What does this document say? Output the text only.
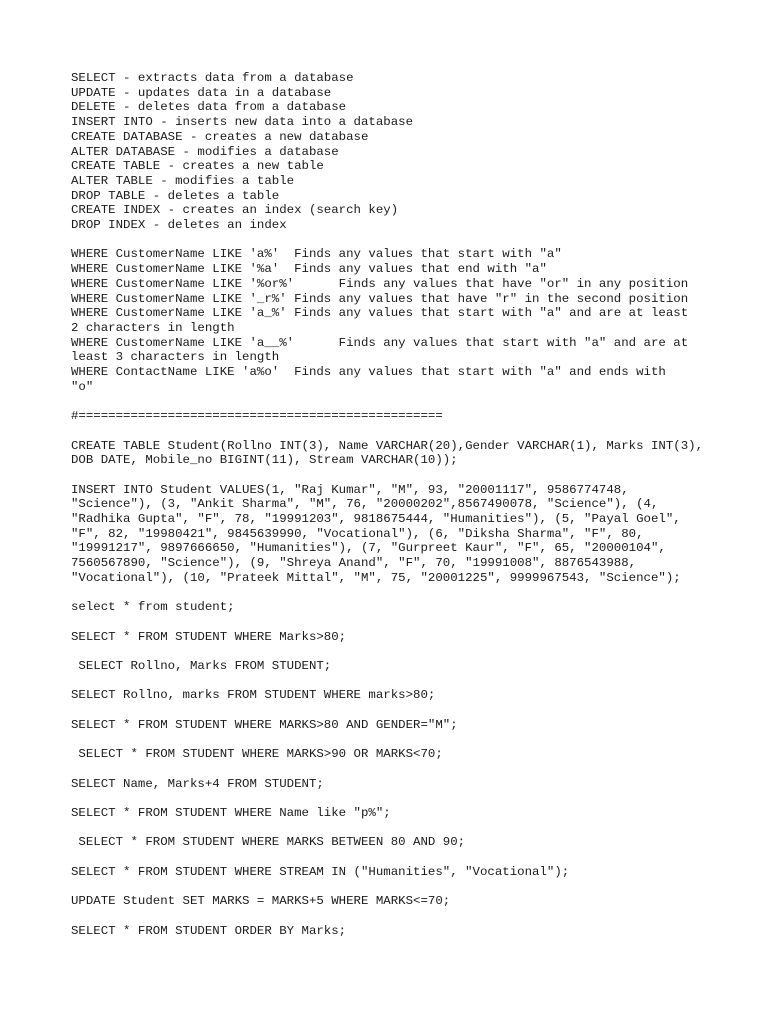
SELECT - extracts data from a database
UPDATE - updates data in a database
DELETE - deletes data from a database
INSERT INTO - inserts new data into a database
CREATE DATABASE - creates a new database
ALTER DATABASE - modifies a database
CREATE TABLE - creates a new table
ALTER TABLE - modifies a table
DROP TABLE - deletes a table
CREATE INDEX - creates an index (search key)
DROP INDEX - deletes an index
WHERE CustomerName LIKE 'a%'  Finds any values that start with "a"
WHERE CustomerName LIKE '%a'  Finds any values that end with "a"
WHERE CustomerName LIKE '%or%'      Finds any values that have "or" in any position
WHERE CustomerName LIKE '_r%' Finds any values that have "r" in the second position
WHERE CustomerName LIKE 'a_%' Finds any values that start with "a" and are at least
2 characters in length
WHERE CustomerName LIKE 'a__%'      Finds any values that start with "a" and are at
least 3 characters in length
WHERE ContactName LIKE 'a%o'  Finds any values that start with "a" and ends with
"o"
#=================================================
CREATE TABLE Student(Rollno INT(3), Name VARCHAR(20),Gender VARCHAR(1), Marks INT(3), DOB DATE, Mobile_no BIGINT(11), Stream VARCHAR(10));
INSERT INTO Student VALUES(1, "Raj Kumar", "M", 93, "20001117", 9586774748, "Science"), (3, "Ankit Sharma", "M", 76, "20000202",8567490078, "Science"), (4, "Radhika Gupta", "F", 78, "19991203", 9818675444, "Humanities"), (5, "Payal Goel", "F", 82, "19980421", 9845639990, "Vocational"), (6, "Diksha Sharma", "F", 80, "19991217", 9897666650, "Humanities"), (7, "Gurpreet Kaur", "F", 65, "20000104", 7560567890, "Science"), (9, "Shreya Anand", "F", 70, "19991008", 8876543988, "Vocational"), (10, "Prateek Mittal", "M", 75, "20001225", 9999967543, "Science");
select * from student;
SELECT * FROM STUDENT WHERE Marks>80;
SELECT Rollno, Marks FROM STUDENT;
SELECT Rollno, marks FROM STUDENT WHERE marks>80;
SELECT * FROM STUDENT WHERE MARKS>80 AND GENDER="M";
SELECT * FROM STUDENT WHERE MARKS>90 OR MARKS<70;
SELECT Name, Marks+4 FROM STUDENT;
SELECT * FROM STUDENT WHERE Name like "p%";
SELECT * FROM STUDENT WHERE MARKS BETWEEN 80 AND 90;
SELECT * FROM STUDENT WHERE STREAM IN ("Humanities", "Vocational");
UPDATE Student SET MARKS = MARKS+5 WHERE MARKS<=70;
SELECT * FROM STUDENT ORDER BY Marks;
